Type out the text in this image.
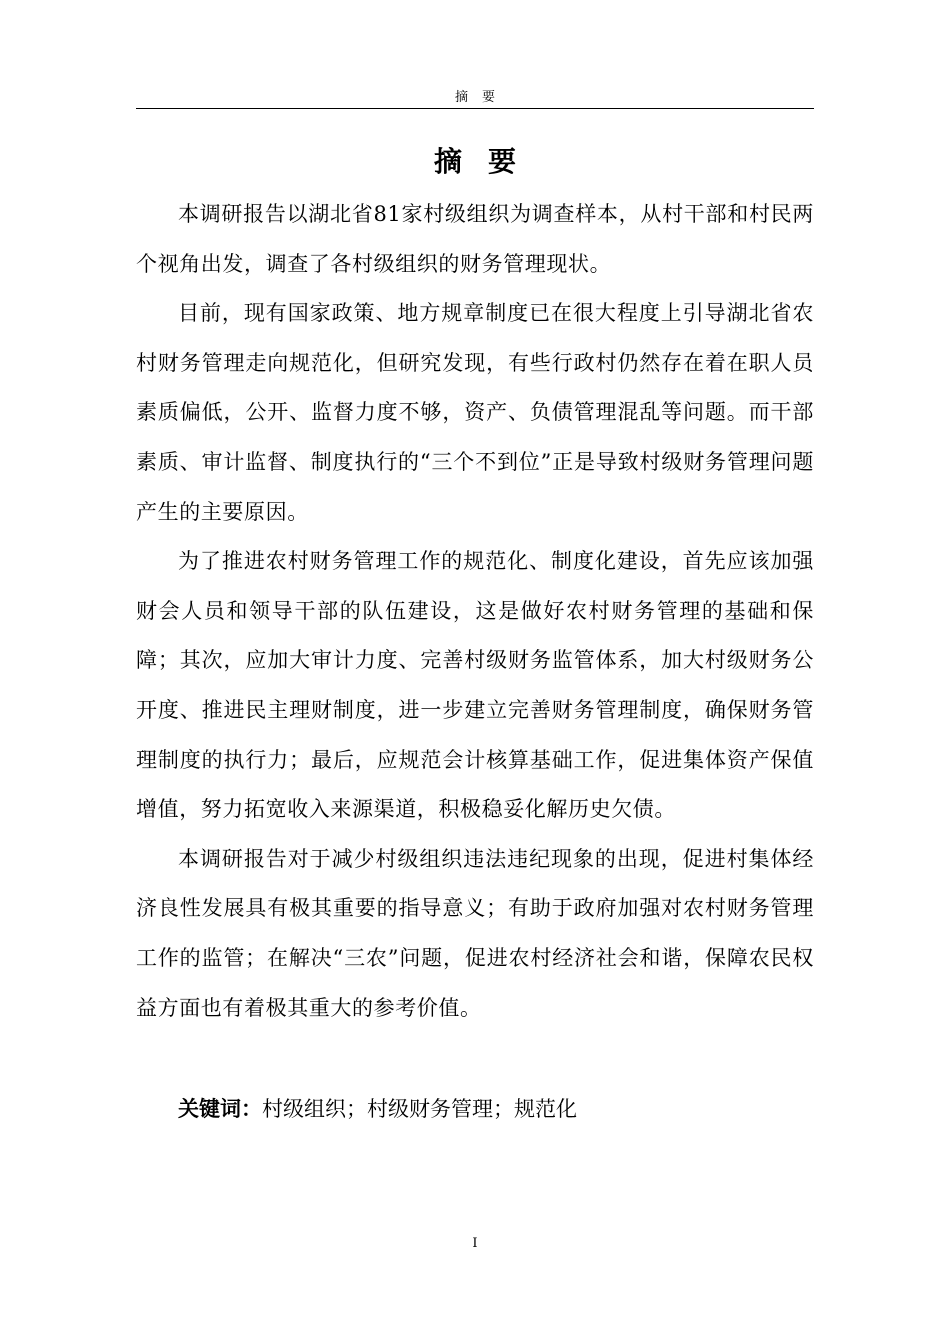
摘要
摘要

本调研报告以湖北省81家村级组织为调查样本，从村干部和村民两个视角出发，调查了各村级组织的财务管理现状。

目前，现有国家政策、地方规章制度已在很大程度上引导湖北省农村财务管理走向规范化，但研究发现，有些行政村仍然存在着在职人员素质偏低，公开、监督力度不够，资产、负债管理混乱等问题。而干部素质、审计监督、制度执行的“三个不到位”正是导致村级财务管理问题产生的主要原因。

为了推进农村财务管理工作的规范化、制度化建设，首先应该加强财会人员和领导干部的队伍建设，这是做好农村财务管理的基础和保障；其次，应加大审计力度、完善村级财务监管体系，加大村级财务公开度、推进民主理财制度，进一步建立完善财务管理制度，确保财务管理制度的执行力；最后，应规范会计核算基础工作，促进集体资产保值增值，努力拓宽收入来源渠道，积极稳妥化解历史欠债。

本调研报告对于减少村级组织违法违纪现象的出现，促进村集体经济良性发展具有极其重要的指导意义；有助于政府加强对农村财务管理工作的监管；在解决“三农”问题，促进农村经济社会和谐，保障农民权益方面也有着极其重大的参考价值。

关键词：村级组织；村级财务管理；规范化
I
